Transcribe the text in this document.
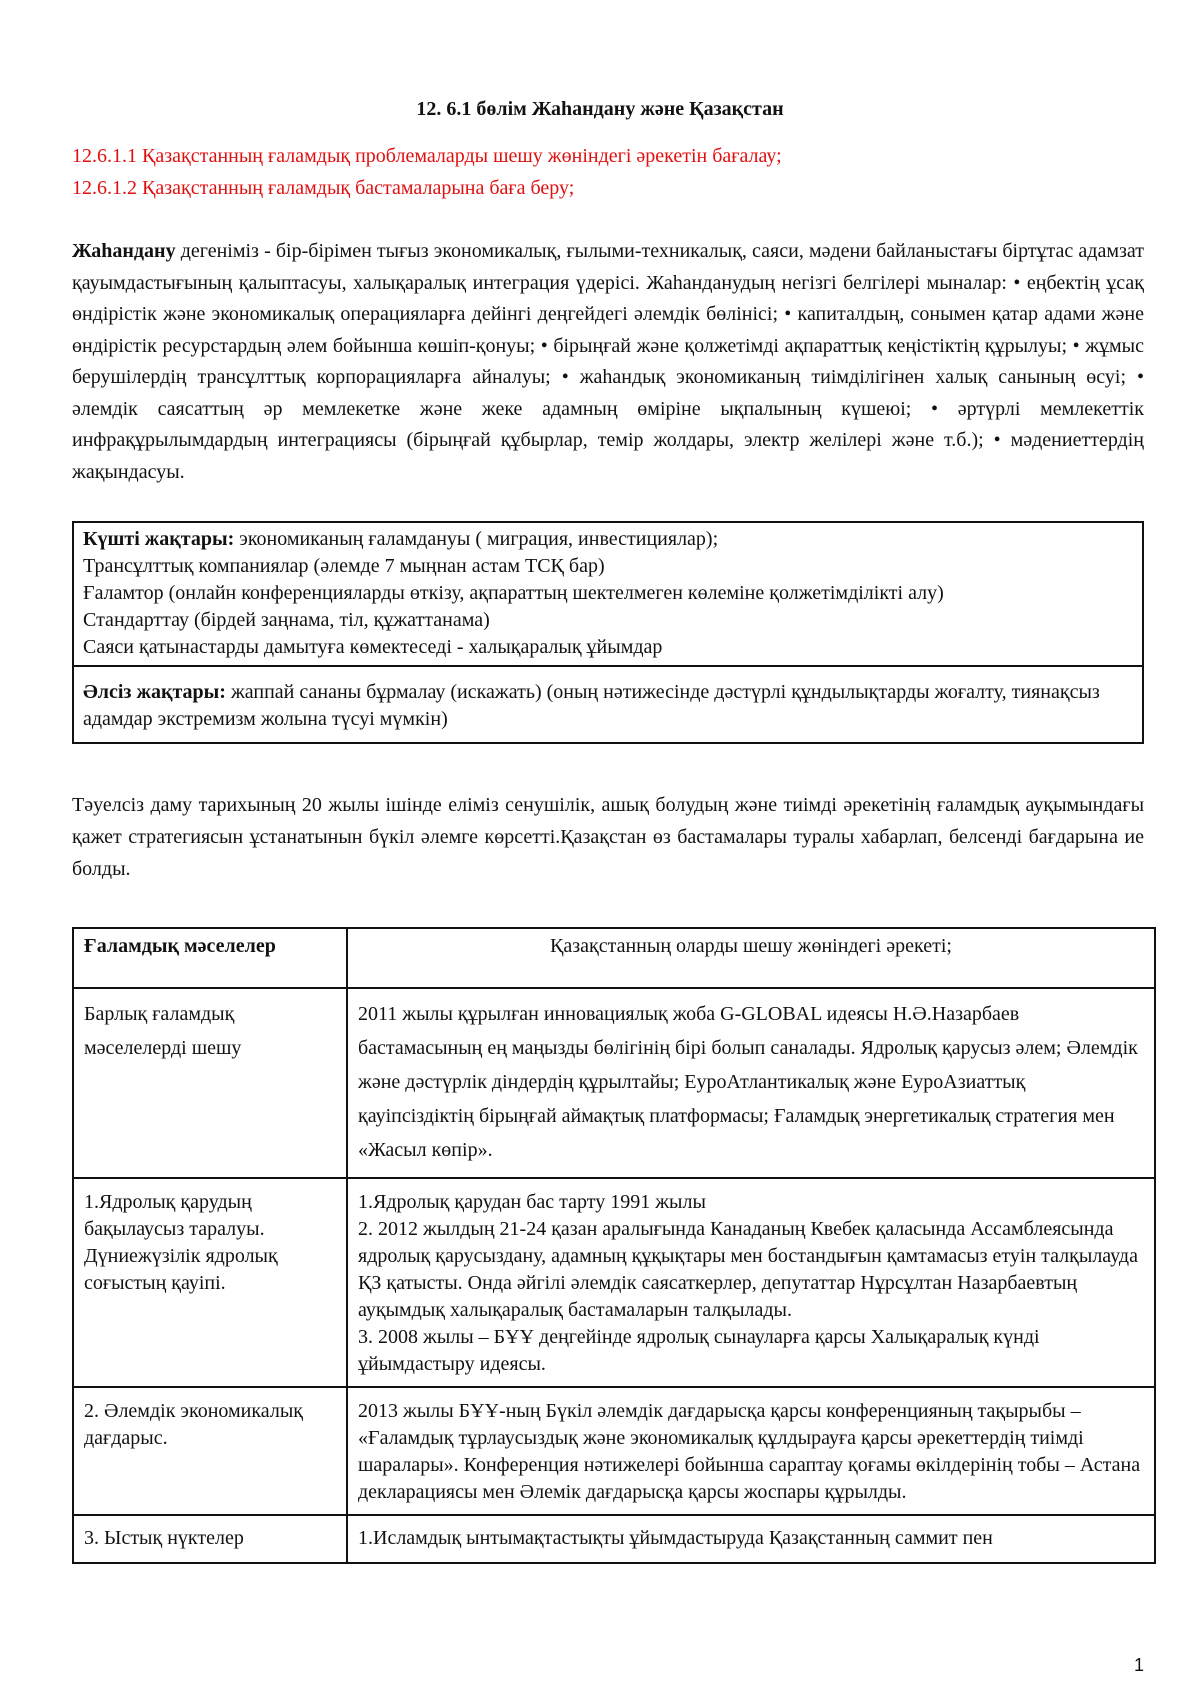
12. 6.1 бөлім Жаһандану және Қазақстан
12.6.1.1 Қазақстанның ғаламдық проблемаларды шешу жөніндегі әрекетін бағалау;
12.6.1.2 Қазақстанның ғаламдық бастамаларына баға беру;

Жаһандану дегеніміз - бір-бірімен тығыз экономикалық, ғылыми-техникалық, саяси, мәдени байланыстағы біртұтас адамзат қауымдастығының қалыптасуы, халықаралық интеграция үдерісі. Жаһанданудың негізгі белгілері мыналар: • еңбектің ұсақ өндірістік және экономикалық операцияларға дейінгі деңгейдегі әлемдік бөлінісі; • капиталдың, сонымен қатар адами және өндірістік ресурстардың әлем бойынша көшіп-қонуы; • бірыңғай және қолжетімді ақпараттық кеңістіктің құрылуы; • жұмыс берушілердің трансұлттық корпорацияларға айналуы; • жаһандық экономиканың тиімділігінен халық санының өсуі; • әлемдік саясаттың әр мемлекетке және жеке адамның өміріне ықпалының күшеюі; • әртүрлі мемлекеттік инфрақұрылымдардың интеграциясы (бірыңғай құбырлар, темір жолдары, электр желілері және т.б.); • мәдениеттердің жақындасуы.

Күшті жақтары: экономиканың ғаламдануы ( миграция, инвестициялар);
Трансұлттық компаниялар (әлемде 7 мыңнан астам ТСҚ бар)
Ғаламтор (онлайн конференцияларды өткізу, ақпараттың шектелмеген көлеміне қолжетімділікті алу)
Стандарттау (бірдей заңнама, тіл, құжаттанама)
Саяси қатынастарды дамытуға көмектеседі - халықаралық ұйымдар
Әлсіз жақтары: жаппай сананы бұрмалау (искажать) (оның нәтижесінде дәстүрлі құндылықтарды жоғалту, тиянақсыз адамдар экстремизм жолына түсуі мүмкін)

Тәуелсіз даму тарихының 20 жылы ішінде еліміз сенушілік, ашық болудың және тиімді әрекетінің ғаламдық ауқымындағы қажет стратегиясын ұстанатынын бүкіл әлемге көрсетті.Қазақстан өз бастамалары туралы хабарлап, белсенді бағдарына ие болды.

Ғаламдық мәселелер	Қазақстанның оларды шешу жөніндегі әрекеті;
Барлық ғаламдық мәселелерді шешу	2011 жылы құрылған инновациялық жоба G-GLOBAL идеясы Н.Ә.Назарбаев бастамасының ең маңызды бөлігінің бірі болып саналады. Ядролық қарусыз әлем; Әлемдік және дәстүрлік діндердің құрылтайы; ЕуроАтлантикалық және ЕуроАзиаттық қауіпсіздіктің бірыңғай аймақтық платформасы; Ғаламдық энергетикалық стратегия мен «Жасыл көпір».

1.Ядролық қарудың бақылаусыз таралуы. Дүниежүзілік ядролық соғыстың қауіпі.	1.Ядролық қарудан бас тарту 1991 жылы
2. 2012 жылдың 21-24 қазан аралығында Канаданың Квебек қаласында Ассамблеясында ядролық қарусыздану, адамның құқықтары мен бостандығын қамтамасыз етуін талқылауда ҚЗ қатысты. Онда әйгілі әлемдік саясаткерлер, депутаттар Нұрсұлтан Назарбаевтың ауқымдық халықаралық бастамаларын талқылады.
3. 2008 жылы – БҰҰ деңгейінде ядролық сынауларға қарсы Халықаралық күнді ұйымдастыру идеясы.

2. Әлемдік экономикалық дағдарыс.	2013 жылы БҰҰ-ның Бүкіл әлемдік дағдарысқа қарсы конференцияның тақырыбы – «Ғаламдық тұрлаусыздық және экономикалық құлдырауға қарсы әрекеттердің тиімді шаралары». Конференция нәтижелері бойынша сараптау қоғамы өкілдерінің тобы – Астана декларациясы мен Әлемік дағдарысқа қарсы жоспары құрылды.

3. Ыстық нүктелер	1.Исламдық ынтымақтастықты ұйымдастыруда Қазақстанның саммит пен
1
